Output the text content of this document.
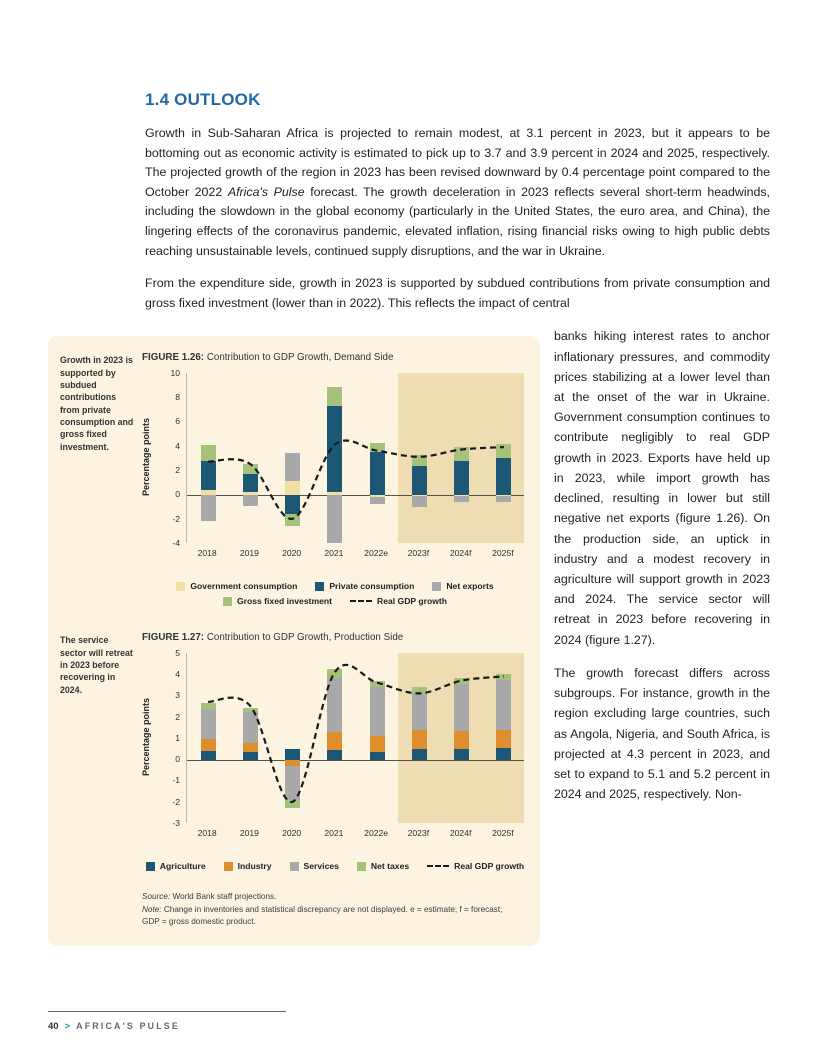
1.4 OUTLOOK

Growth in Sub-Saharan Africa is projected to remain modest, at 3.1 percent in 2023, but it appears to be bottoming out as economic activity is estimated to pick up to 3.7 and 3.9 percent in 2024 and 2025, respectively. The projected growth of the region in 2023 has been revised downward by 0.4 percentage point compared to the October 2022 Africa's Pulse forecast. The growth deceleration in 2023 reflects several short-term headwinds, including the slowdown in the global economy (particularly in the United States, the euro area, and China), the lingering effects of the coronavirus pandemic, elevated inflation, rising financial risks owing to high public debts reaching unsustainable levels, continued supply disruptions, and the war in Ukraine.

From the expenditure side, growth in 2023 is supported by subdued contributions from private consumption and gross fixed investment (lower than in 2022). This reflects the impact of central

Growth in 2023 is supported by subdued contributions from private consumption and gross fixed investment.
FIGURE 1.26: Contribution to GDP Growth, Demand Side
Percentage points
-4
-2
0
2
4
6
8
10
2018	2019	2020	2021	2022e	2023f	2024f	2025f
Government consumption	Private consumption	Net exports
Gross fixed investment	Real GDP growth
The service sector will retreat in 2023 before recovering in 2024.
FIGURE 1.27: Contribution to GDP Growth, Production Side
Percentage points
-3
-2
-1
0
1
2
3
4
5
2018	2019	2020	2021	2022e	2023f	2024f	2025f
Agriculture	Industry	Services	Net taxes	Real GDP growth
Source: World Bank staff projections.
Note: Change in inventories and statistical discrepancy are not displayed. e = estimate; f = forecast; GDP = gross domestic product.

banks hiking interest rates to anchor inflationary pressures, and commodity prices stabilizing at a lower level than at the onset of the war in Ukraine. Government consumption continues to contribute negligibly to real GDP growth in 2023. Exports have held up in 2023, while import growth has declined, resulting in lower but still negative net exports (figure 1.26). On the production side, an uptick in industry and a modest recovery in agriculture will support growth in 2023 and 2024. The service sector will retreat in 2023 before recovering in 2024 (figure 1.27).

The growth forecast differs across subgroups. For instance, growth in the region excluding large countries, such as Angola, Nigeria, and South Africa, is projected at 4.3 percent in 2023, and set to expand to 5.1 and 5.2 percent in 2024 and 2025, respectively. Non-

40 > AFRICA'S PULSE
